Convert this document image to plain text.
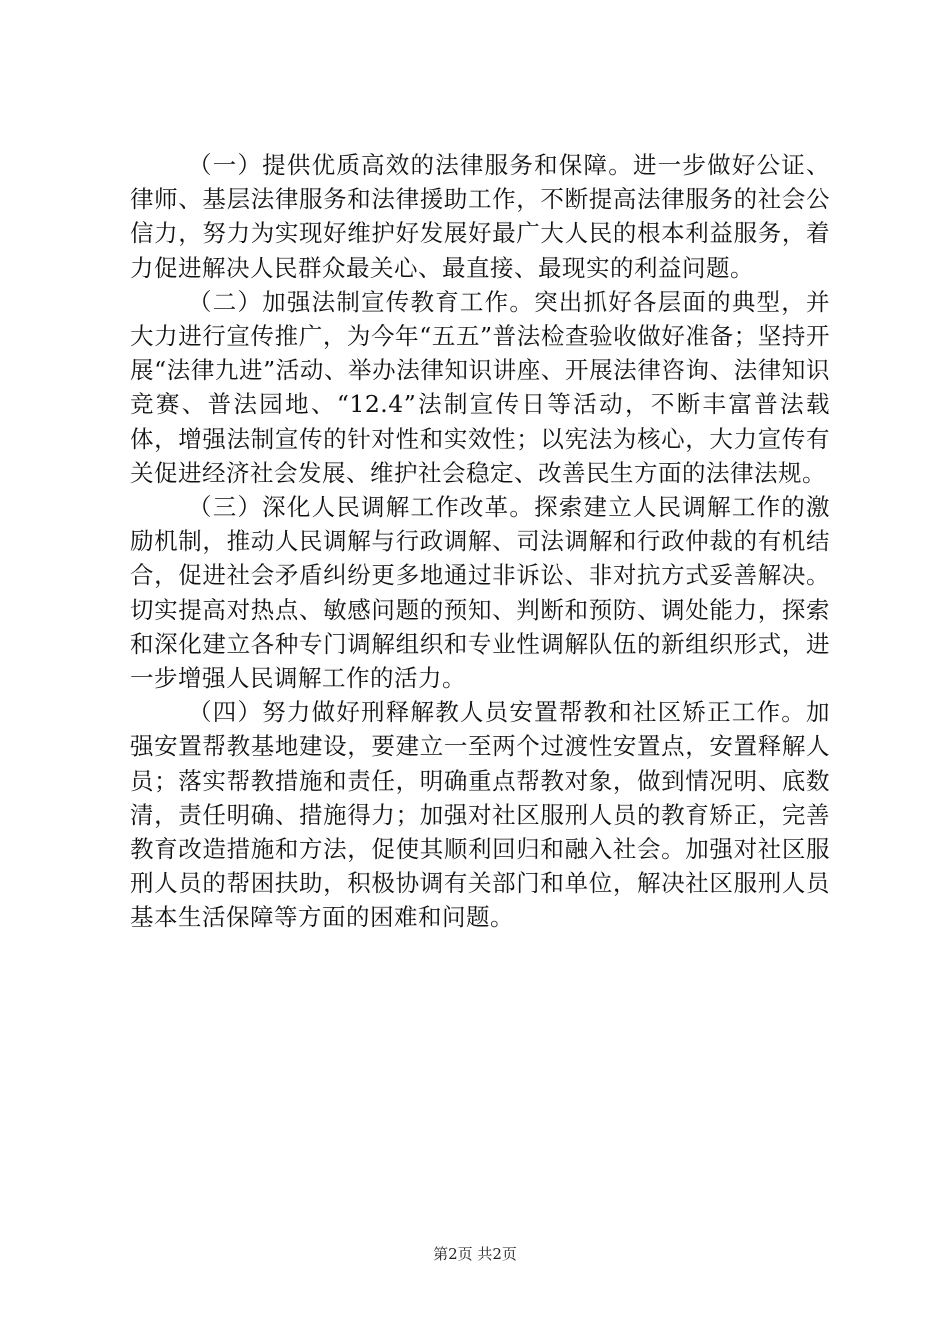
（一）提供优质高效的法律服务和保障。进一步做好公证、律师、基层法律服务和法律援助工作，不断提高法律服务的社会公信力，努力为实现好维护好发展好最广大人民的根本利益服务，着力促进解决人民群众最关心、最直接、最现实的利益问题。

（二）加强法制宣传教育工作。突出抓好各层面的典型，并大力进行宣传推广，为今年“五五”普法检查验收做好准备；坚持开展“法律九进”活动、举办法律知识讲座、开展法律咨询、法律知识竞赛、普法园地、“12.4”法制宣传日等活动，不断丰富普法载体，增强法制宣传的针对性和实效性；以宪法为核心，大力宣传有关促进经济社会发展、维护社会稳定、改善民生方面的法律法规。

（三）深化人民调解工作改革。探索建立人民调解工作的激励机制，推动人民调解与行政调解、司法调解和行政仲裁的有机结合，促进社会矛盾纠纷更多地通过非诉讼、非对抗方式妥善解决。切实提高对热点、敏感问题的预知、判断和预防、调处能力，探索和深化建立各种专门调解组织和专业性调解队伍的新组织形式，进一步增强人民调解工作的活力。

（四）努力做好刑释解教人员安置帮教和社区矫正工作。加强安置帮教基地建设，要建立一至两个过渡性安置点，安置释解人员；落实帮教措施和责任，明确重点帮教对象，做到情况明、底数清，责任明确、措施得力；加强对社区服刑人员的教育矫正，完善教育改造措施和方法，促使其顺利回归和融入社会。加强对社区服刑人员的帮困扶助，积极协调有关部门和单位，解决社区服刑人员基本生活保障等方面的困难和问题。

第2页 共2页
